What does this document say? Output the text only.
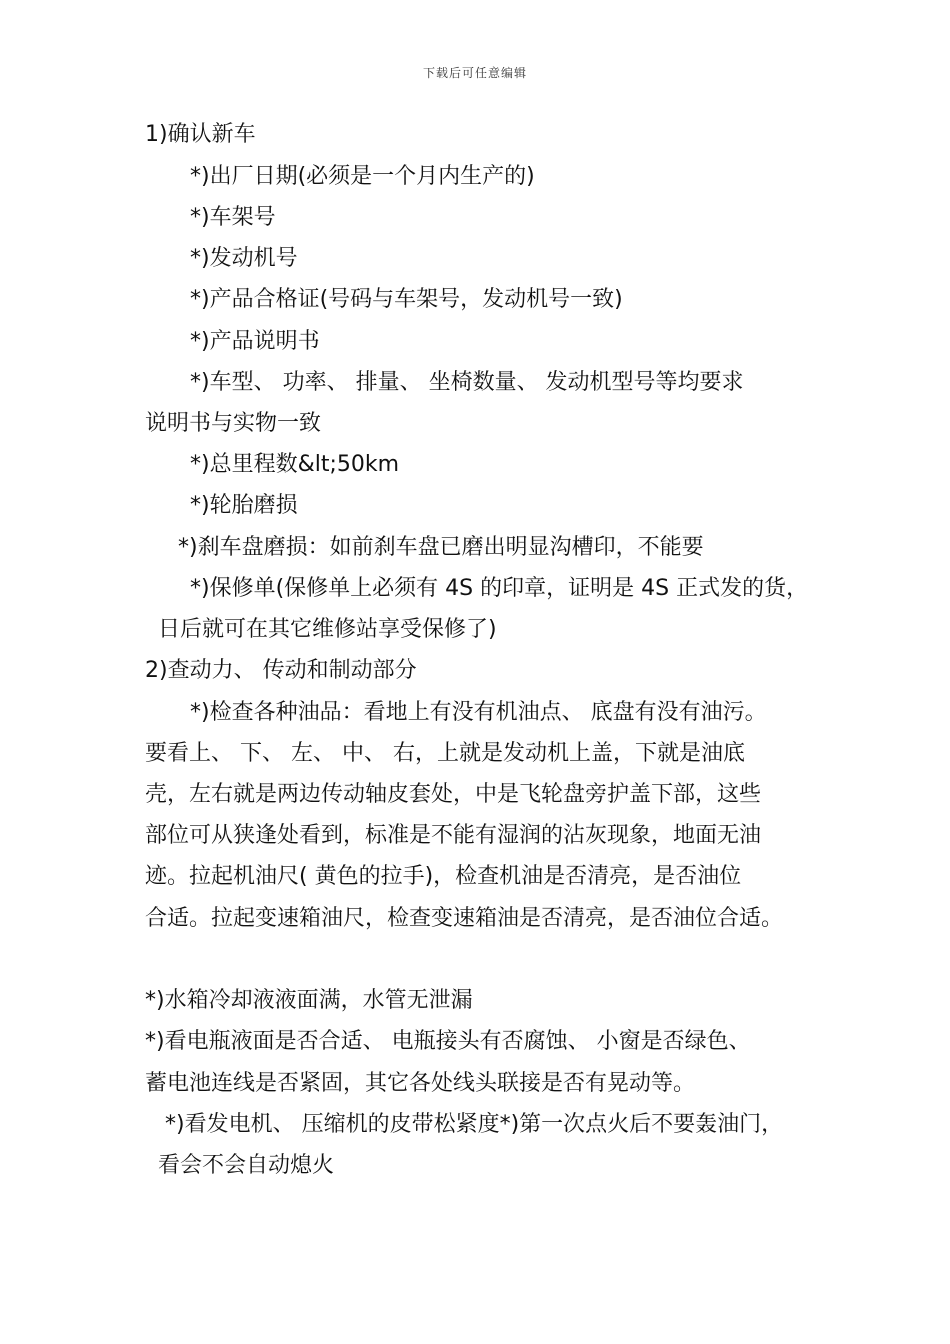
下载后可任意编辑
1)确认新车
*)出厂日期(必须是一个月内生产的)
*)车架号
*)发动机号
*)产品合格证(号码与车架号，发动机号一致)
*)产品说明书
*)车型、 功率、 排量、 坐椅数量、 发动机型号等均要求
说明书与实物一致
*)总里程数&lt;50km
*)轮胎磨损
*)刹车盘磨损：如前刹车盘已磨出明显沟槽印，不能要
*)保修单(保修单上必须有 4S 的印章，证明是 4S 正式发的货，
日后就可在其它维修站享受保修了)
2)查动力、 传动和制动部分
*)检查各种油品：看地上有没有机油点、 底盘有没有油污。
要看上、 下、 左、 中、 右，上就是发动机上盖，下就是油底
壳，左右就是两边传动轴皮套处，中是飞轮盘旁护盖下部，这些
部位可从狭逢处看到，标准是不能有湿润的沾灰现象，地面无油
迹。拉起机油尺( 黄色的拉手)，检查机油是否清亮，是否油位
合适。拉起变速箱油尺，检查变速箱油是否清亮，是否油位合适。
*)水箱冷却液液面满，水管无泄漏
*)看电瓶液面是否合适、 电瓶接头有否腐蚀、 小窗是否绿色、
蓄电池连线是否紧固，其它各处线头联接是否有晃动等。
*)看发电机、 压缩机的皮带松紧度*)第一次点火后不要轰油门，
看会不会自动熄火
